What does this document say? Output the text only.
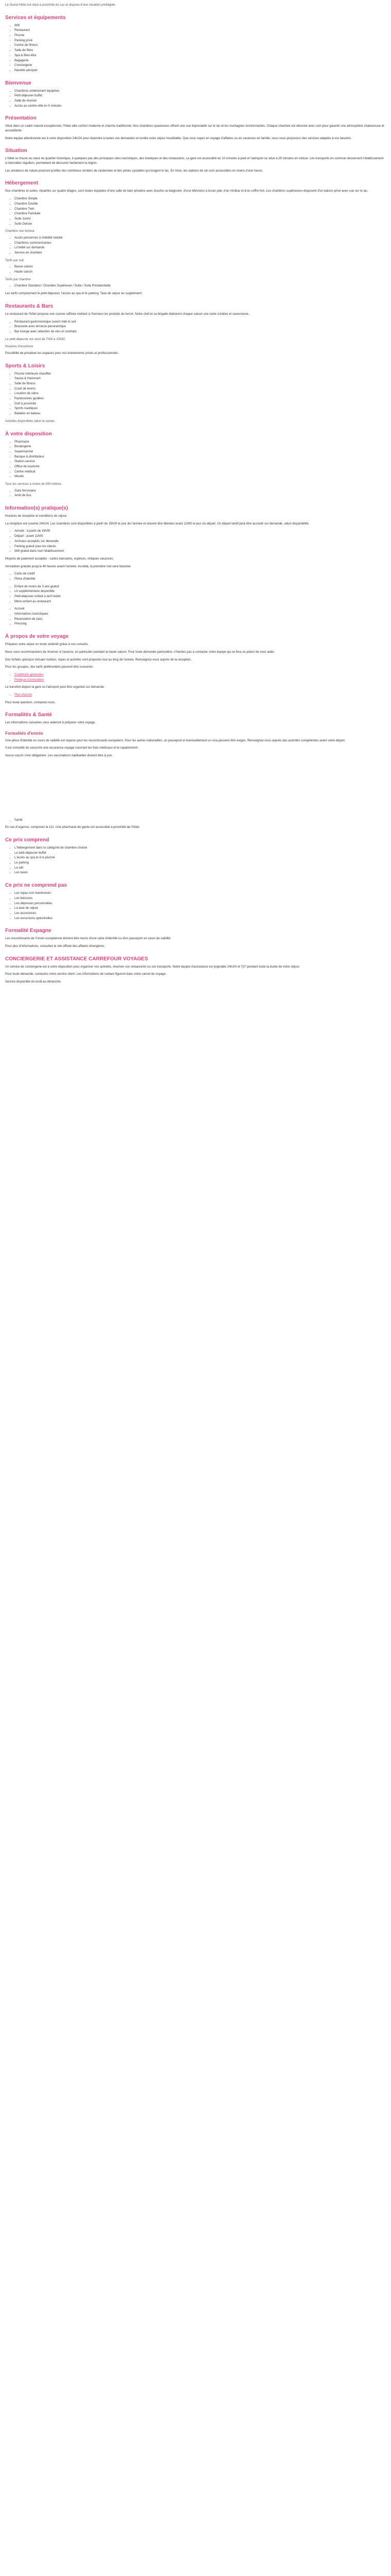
Le Grand Hôtel est situé à proximité du Lac et dispose d'une situation privilégiée.

Services et équipements
• Wifi
• Restaurant
• Piscine
• Parking privé
• Centre de fitness
• Salle de fêtes
• Spa & Bien-être
• Bagagerie
• Conciergerie
• Navette aéroport
Bienvenue
• Chambres entièrement équipées
• Petit-déjeuner buffet
• Salle de réunion
• Accès au centre-ville en 5 minutes
Présentation

Situé dans un cadre naturel exceptionnel, l'hôtel allie confort moderne et charme traditionnel. Nos chambres spacieuses offrent une vue imprenable sur le lac et les montagnes environnantes. Chaque chambre est décorée avec soin pour garantir une atmosphère chaleureuse et accueillante.

Notre équipe attentionnée est à votre disposition 24h/24 pour répondre à toutes vos demandes et rendre votre séjour inoubliable. Que vous soyez en voyage d'affaires ou en vacances en famille, nous vous proposons des services adaptés à vos besoins.

Situation

L'hôtel se trouve au cœur du quartier historique, à quelques pas des principaux sites touristiques, des boutiques et des restaurants. La gare est accessible en 10 minutes à pied et l'aéroport se situe à 25 minutes en voiture. Les transports en commun desservent l'établissement à intervalles réguliers, permettant de découvrir facilement la région.

Les amateurs de nature pourront profiter des nombreux sentiers de randonnée et des pistes cyclables qui longent le lac. En hiver, les stations de ski sont accessibles en moins d'une heure.

Hébergement

Nos chambres et suites, réparties sur quatre étages, sont toutes équipées d'une salle de bain privative avec douche ou baignoire, d'une télévision à écran plat, d'un minibar et d'un coffre-fort. Les chambres supérieures disposent d'un balcon privé avec vue sur le lac.

• Chambre Simple
• Chambre Double
• Chambre Twin
• Chambre Familiale
• Suite Junior
• Suite Deluxe

Chambre non-fumeur

• Accès personnes à mobilité réduite
• Chambres communicantes
• Lit bébé sur demande
• Service en chambre

Tarifs par nuit

• Basse saison
• Haute saison

Tarifs par chambre

• Chambre Standard / Chambre Supérieure / Suite / Suite Présidentielle

Les tarifs comprennent le petit-déjeuner, l'accès au spa et le parking. Taxe de séjour en supplément.

Restaurants & Bars

Le restaurant de l'hôtel propose une cuisine raffinée mettant à l'honneur les produits du terroir. Notre chef et sa brigade élaborent chaque saison une carte créative et savoureuse.

• Restaurant gastronomique ouvert midi et soir
• Brasserie avec terrasse panoramique
• Bar lounge avec sélection de vins et cocktails

Le petit-déjeuner est servi de 7h00 à 10h30.

Horaires d'ouverture

Possibilité de privatiser les espaces pour vos événements privés et professionnels.

Sports & Loisirs
• Piscine intérieure chauffée
• Sauna & Hammam
• Salle de fitness
• Court de tennis
• Location de vélos
• Randonnées guidées
• Golf à proximité
• Sports nautiques
• Balades en bateau

Activités disponibles selon la saison.

À votre disposition
• Pharmacie
• Boulangerie
• Supermarché
• Banque & distributeur
• Station-service
• Office de tourisme
• Centre médical
• Musée

Tous les services à moins de 500 mètres.

• Gare ferroviaire
• Arrêt de bus
Information(s) pratique(s)

Horaires de réception et conditions de séjour.

La réception est ouverte 24h/24. Les chambres sont disponibles à partir de 15h00 le jour de l'arrivée et doivent être libérées avant 11h00 le jour du départ. Un départ tardif peut être accordé sur demande, selon disponibilité.

• Arrivée : à partir de 15h00
• Départ : avant 11h00
• Animaux acceptés sur demande
• Parking gratuit pour les clients
• Wifi gratuit dans tout l'établissement

Moyens de paiement acceptés : cartes bancaires, espèces, chèques vacances.

Annulation gratuite jusqu'à 48 heures avant l'arrivée. Au-delà, la première nuit sera facturée.

• Carte de crédit
• Pièce d'identité
• Enfant de moins de 3 ans gratuit
• Lit supplémentaire disponible
• Petit-déjeuner enfant à tarif réduit
• Menu enfant au restaurant
• Accueil
• Informations touristiques
• Réservation de taxis
• Pressing
À propos de votre voyage

Préparez votre séjour en toute sérénité grâce à nos conseils.

Nous vous recommandons de réserver à l'avance, en particulier pendant la haute saison. Pour toute demande particulière, n'hésitez pas à contacter notre équipe qui se fera un plaisir de vous aider.

Des forfaits spéciaux incluant nuitées, repas et activités sont proposés tout au long de l'année. Renseignez-vous auprès de la réception.

Pour les groupes, des tarifs préférentiels peuvent être consentis.

• Conditions générales
• Politique d'annulation

Le transfert depuis la gare ou l'aéroport peut être organisé sur demande.

• Plan d'accès

Pour toute question, contactez-nous.

Formalités & Santé

Les informations suivantes vous aideront à préparer votre voyage.

Formalités d'entrée

Une pièce d'identité en cours de validité est requise pour les ressortissants européens. Pour les autres nationalités, un passeport et éventuellement un visa peuvent être exigés. Renseignez-vous auprès des autorités compétentes avant votre départ.

Il est conseillé de souscrire une assurance voyage couvrant les frais médicaux et le rapatriement.

Aucun vaccin n'est obligatoire. Les vaccinations habituelles doivent être à jour.

• Santé

En cas d'urgence, composez le 112. Une pharmacie de garde est accessible à proximité de l'hôtel.

Ce prix comprend
• L'hébergement dans la catégorie de chambre choisie
• Le petit-déjeuner buffet
• L'accès au spa et à la piscine
• Le parking
• Le wifi
• Les taxes
Ce prix ne comprend pas
• Les repas non mentionnés
• Les boissons
• Les dépenses personnelles
• La taxe de séjour
• Les assurances
• Les excursions optionnelles
Formalité Espagne

Les ressortissants de l'Union européenne doivent être munis d'une carte d'identité ou d'un passeport en cours de validité.

Pour plus d'informations, consultez le site officiel des affaires étrangères.

CONCIERGERIE ET ASSISTANCE CARREFOUR VOYAGES

Un service de conciergerie est à votre disposition pour organiser vos activités, réserver vos restaurants ou vos transports. Notre équipe d'assistance est joignable 24h/24 et 7j/7 pendant toute la durée de votre séjour.

Pour toute demande, contactez notre service client. Les informations de contact figurent dans votre carnet de voyage.

Service disponible du lundi au dimanche.
